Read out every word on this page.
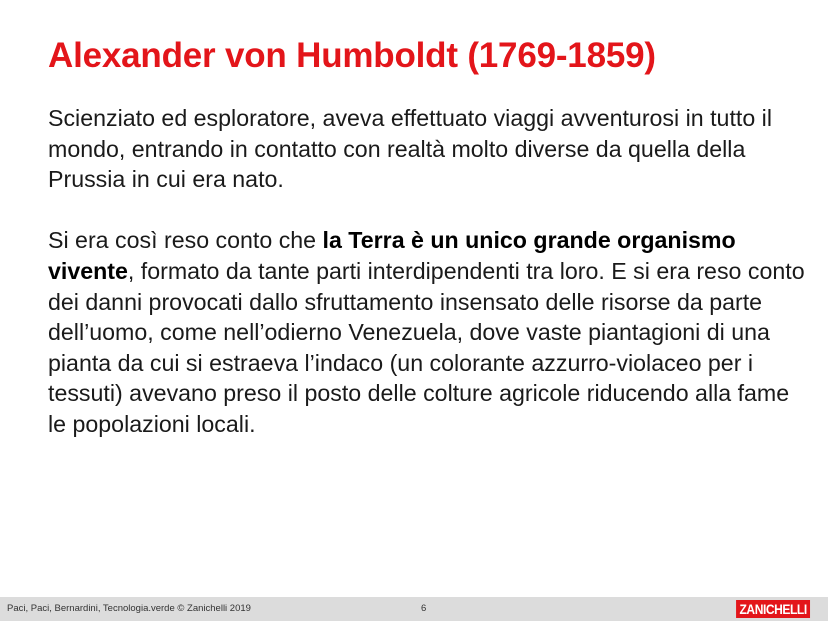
Alexander von Humboldt (1769-1859)

Scienziato ed esploratore, aveva effettuato viaggi avventurosi in tutto il mondo, entrando in contatto con realtà molto diverse da quella della Prussia in cui era nato.

Si era così reso conto che la Terra è un unico grande organismo vivente, formato da tante parti interdipendenti tra loro. E si era reso conto dei danni provocati dallo sfruttamento insensato delle risorse da parte dell’uomo, come nell’odierno Venezuela, dove vaste piantagioni di una pianta da cui si estraeva l’indaco (un colorante azzurro-violaceo per i tessuti) avevano preso il posto delle colture agricole riducendo alla fame le popolazioni locali.

Paci, Paci, Bernardini, Tecnologia.verde © Zanichelli 2019	6	ZANICHELLI
